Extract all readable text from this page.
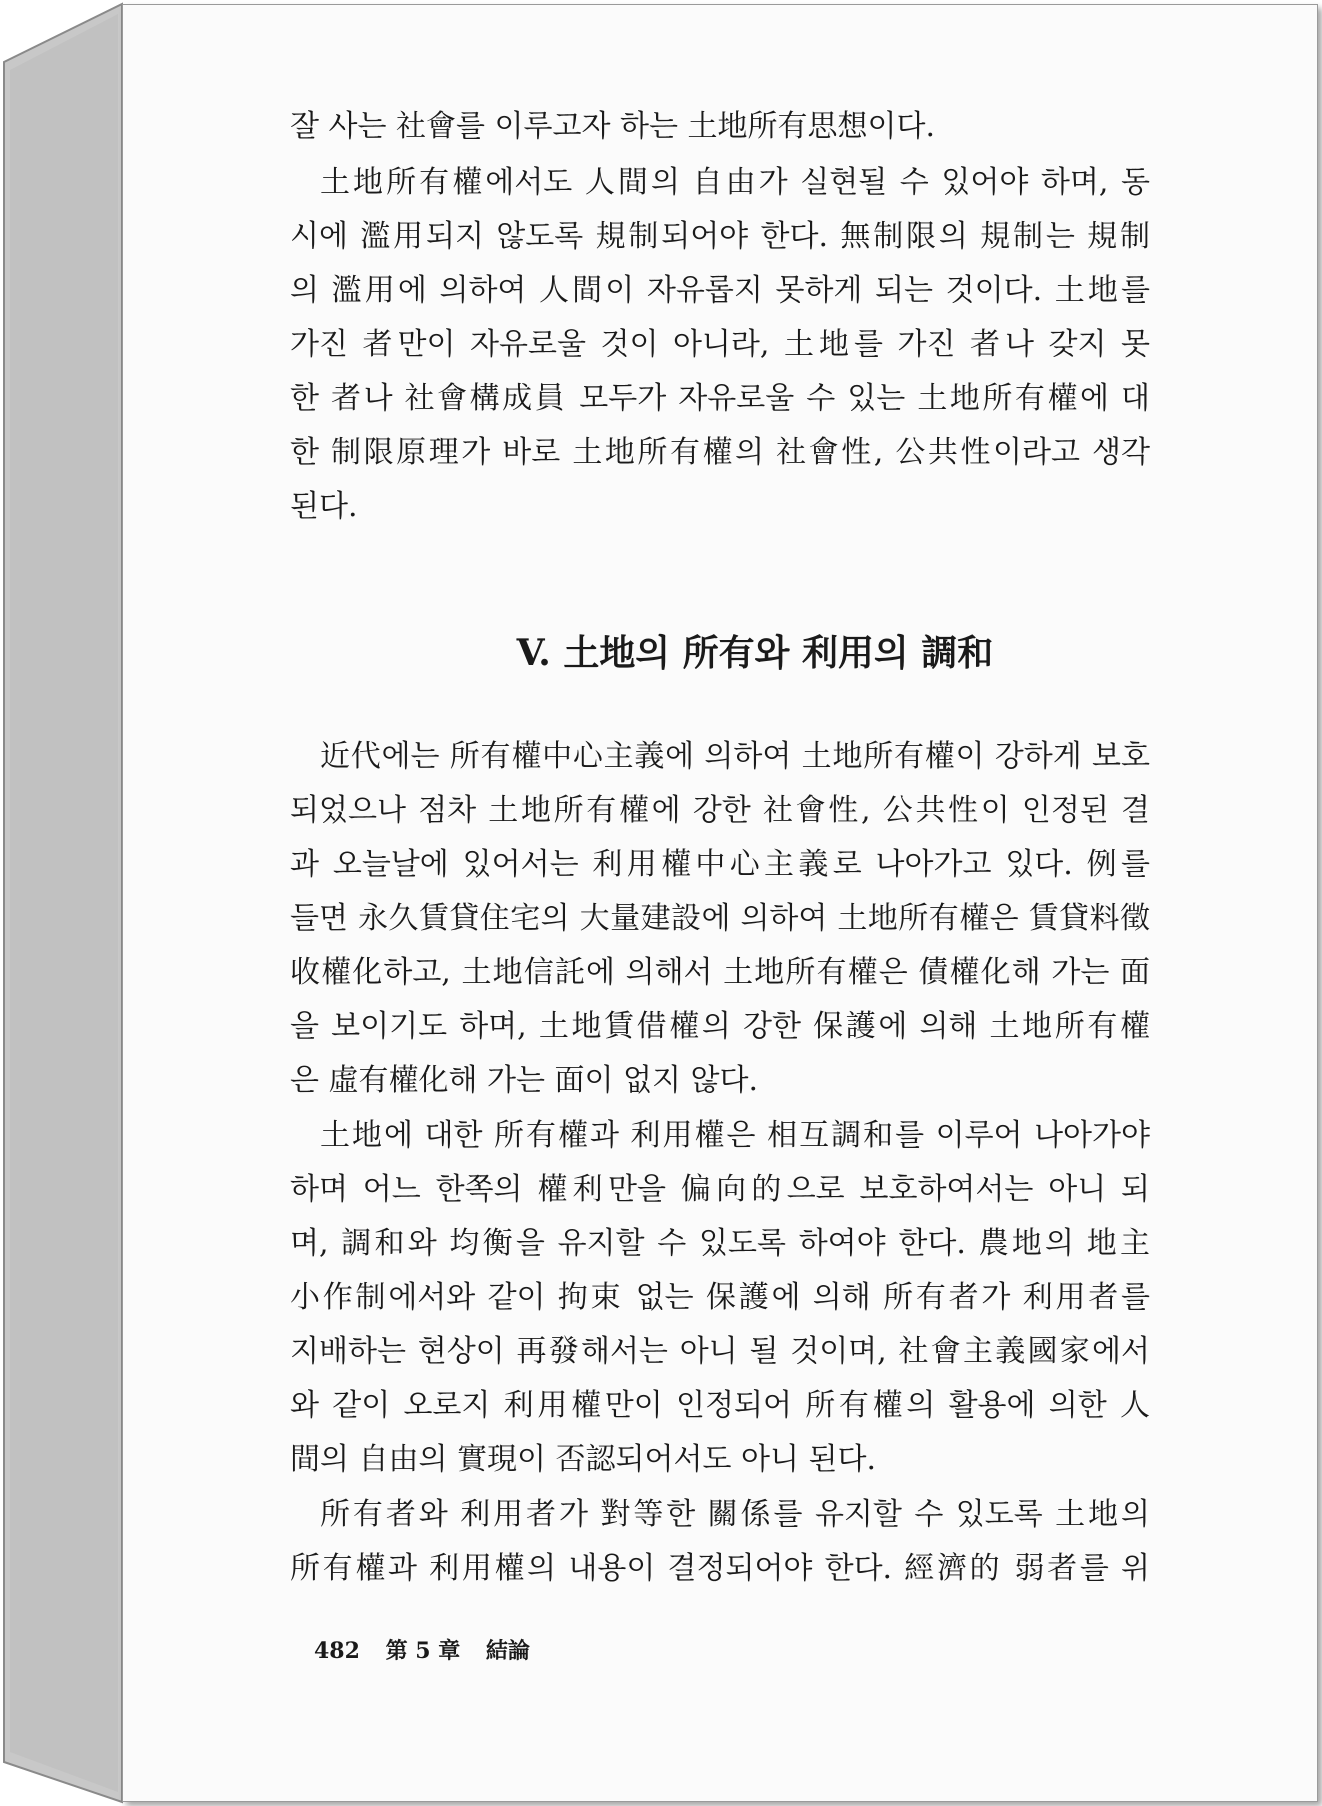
잘 사는 社會를 이루고자 하는 土地所有思想이다.
土地所有權에서도 人間의 自由가 실현될 수 있어야 하며, 동
시에 濫用되지 않도록 規制되어야 한다. 無制限의 規制는 規制
의 濫用에 의하여 人間이 자유롭지 못하게 되는 것이다. 土地를
가진 者만이 자유로울 것이 아니라, 土地를 가진 者나 갖지 못
한 者나 社會構成員 모두가 자유로울 수 있는 土地所有權에 대
한 制限原理가 바로 土地所有權의 社會性, 公共性이라고 생각
된다.
V. 土地의 所有와 利用의 調和
近代에는 所有權中心主義에 의하여 土地所有權이 강하게 보호
되었으나 점차 土地所有權에 강한 社會性, 公共性이 인정된 결
과 오늘날에 있어서는 利用權中心主義로 나아가고 있다. 例를
들면 永久賃貸住宅의 大量建設에 의하여 土地所有權은 賃貸料徵
收權化하고, 土地信託에 의해서 土地所有權은 債權化해 가는 面
을 보이기도 하며, 土地賃借權의 강한 保護에 의해 土地所有權
은 虛有權化해 가는 面이 없지 않다.
土地에 대한 所有權과 利用權은 相互調和를 이루어 나아가야
하며 어느 한쪽의 權利만을 偏向的으로 보호하여서는 아니 되
며, 調和와 均衡을 유지할 수 있도록 하여야 한다. 農地의 地主
小作制에서와 같이 拘束 없는 保護에 의해 所有者가 利用者를
지배하는 현상이 再發해서는 아니 될 것이며, 社會主義國家에서
와 같이 오로지 利用權만이 인정되어 所有權의 활용에 의한 人
間의 自由의 實現이 否認되어서도 아니 된다.
所有者와 利用者가 對等한 關係를 유지할 수 있도록 土地의
所有權과 利用權의 내용이 결정되어야 한다. 經濟的 弱者를 위
482 第 5 章 結論
